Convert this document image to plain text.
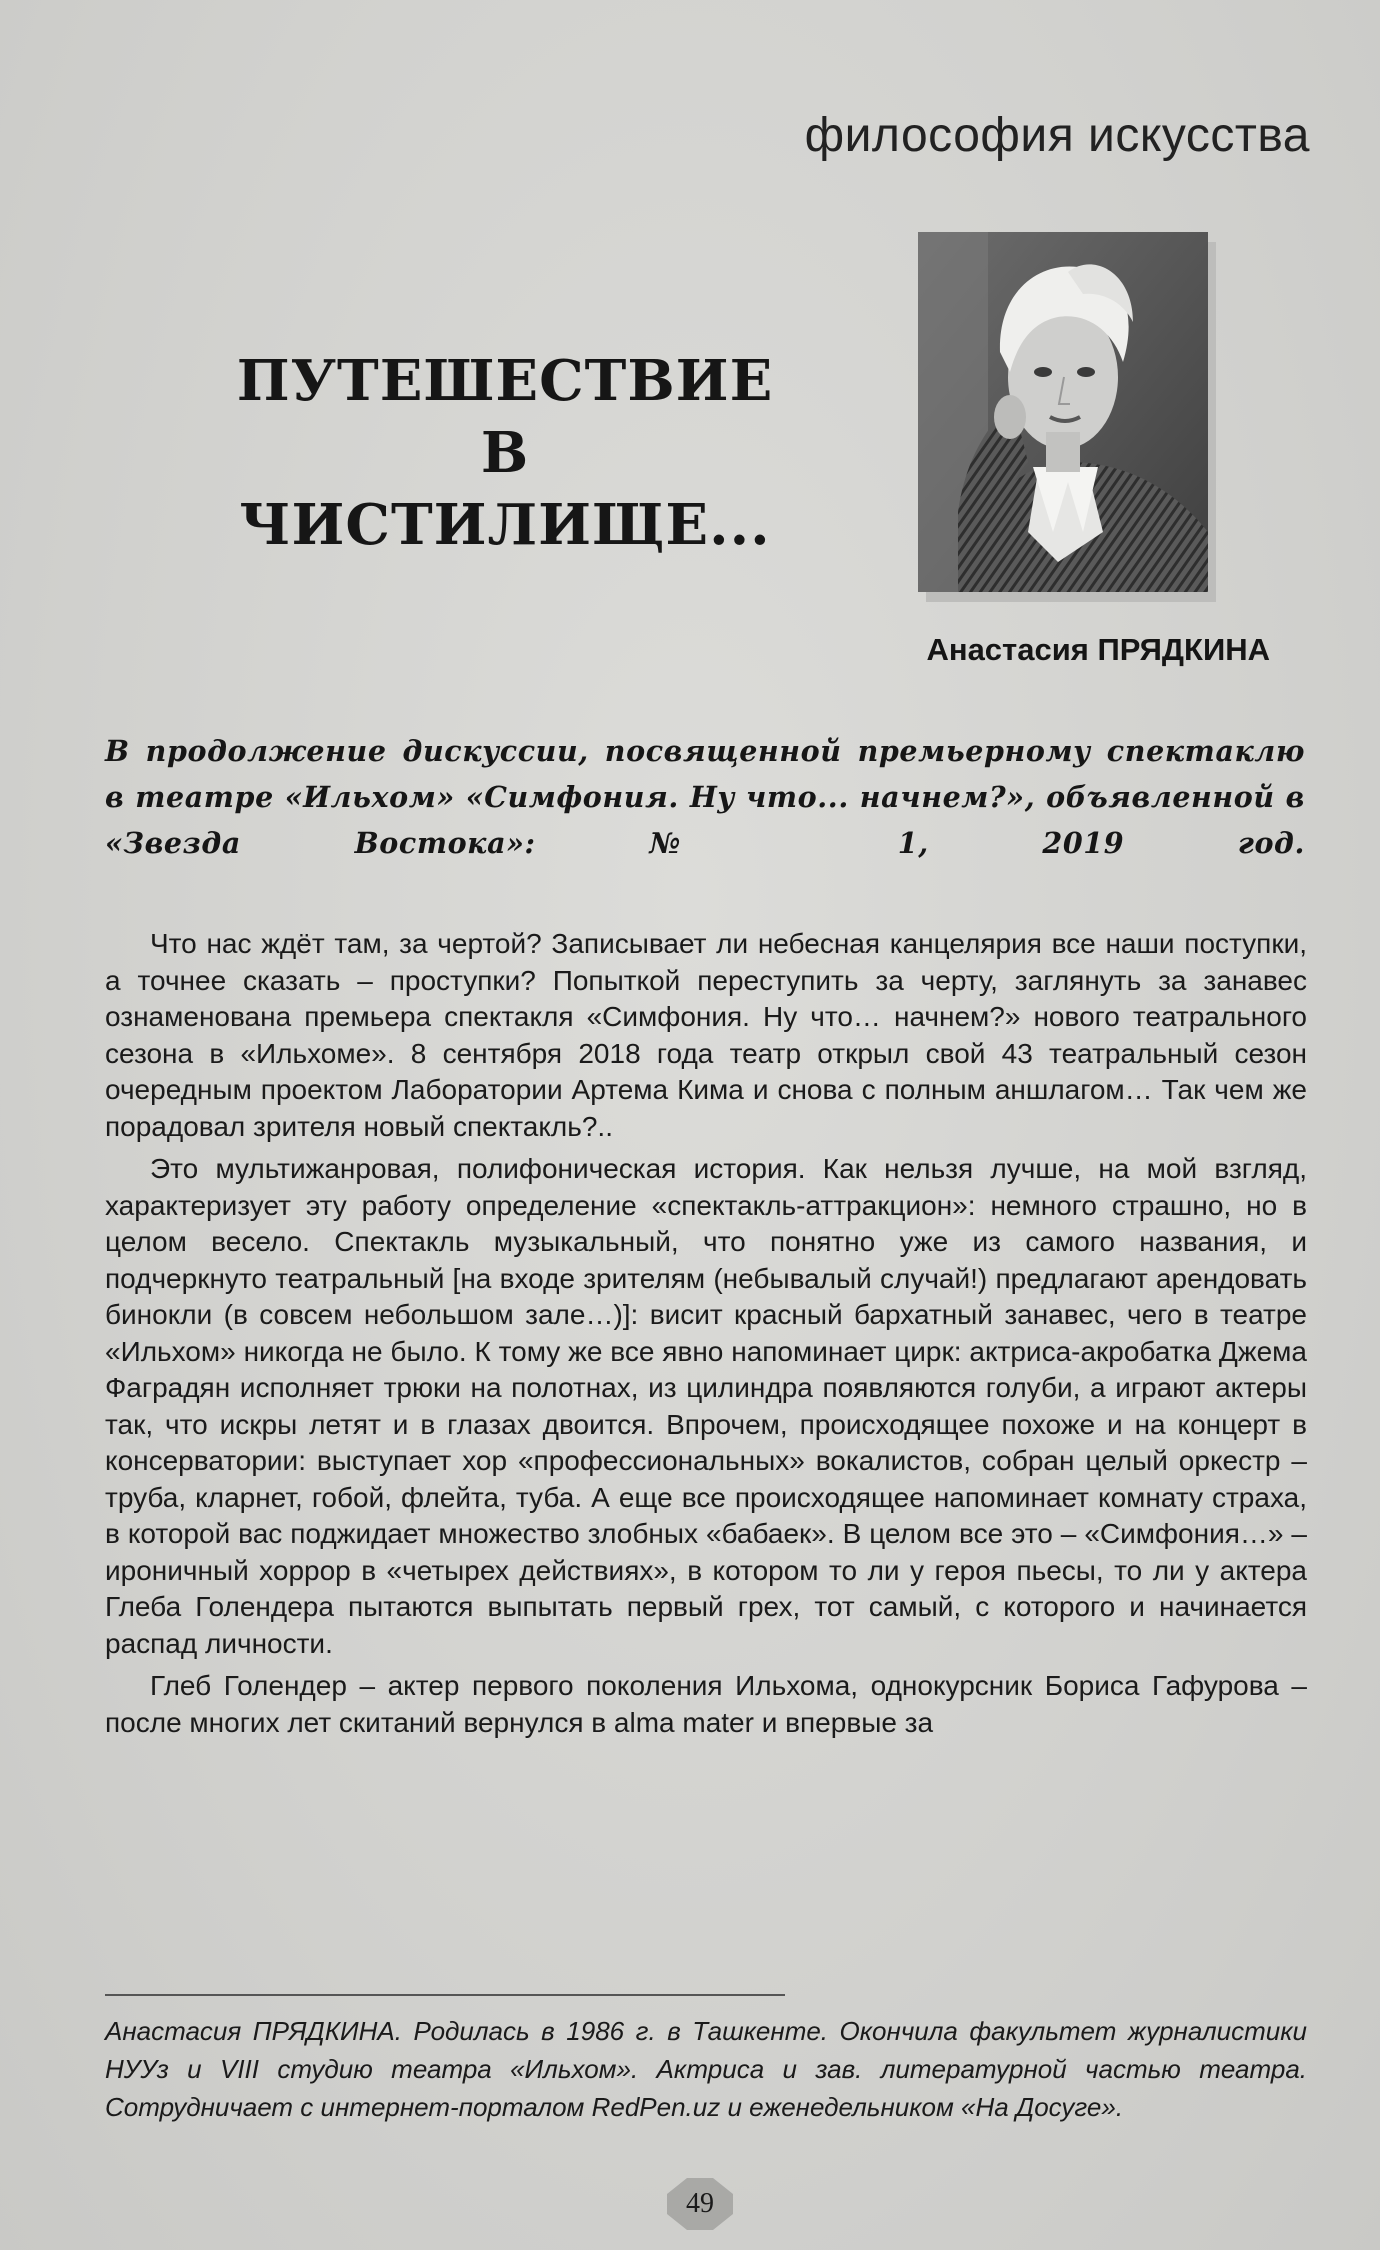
философия искусства
ПУТЕШЕСТВИЕ
В ЧИСТИЛИЩЕ...
Анастасия ПРЯДКИНА
В продолжение дискуссии, посвященной премьерному спектаклю в театре «Ильхом» «Симфония. Ну что... начнем?», объявленной в «Звезда Востока»: № 1, 2019 год.

Что нас ждёт там, за чертой? Записывает ли небесная канцелярия все наши поступки, а точнее сказать – проступки? Попыткой переступить за черту, заглянуть за занавес ознаменована премьера спектакля «Симфония. Ну что… начнем?» нового театрального сезона в «Ильхоме». 8 сентября 2018 года театр открыл свой 43 театральный сезон очередным проектом Лаборатории Артема Кима и снова с полным аншлагом… Так чем же порадовал зрителя новый спектакль?..

Это мультижанровая, полифоническая история. Как нельзя лучше, на мой взгляд, характеризует эту работу определение «спектакль-аттракцион»: немного страшно, но в целом весело. Спектакль музыкальный, что понятно уже из самого названия, и подчеркнуто театральный [на входе зрителям (небывалый случай!) предлагают арендовать бинокли (в совсем небольшом зале…)]: висит красный бархатный занавес, чего в театре «Ильхом» никогда не было. К тому же все явно напоминает цирк: актриса-акробатка Джема Фаградян исполняет трюки на полотнах, из цилиндра появляются голуби, а играют актеры так, что искры летят и в глазах двоится. Впрочем, происходящее похоже и на концерт в консерватории: выступает хор «профессиональных» вокалистов, собран целый оркестр – труба, кларнет, гобой, флейта, туба. А еще все происходящее напоминает комнату страха, в которой вас поджидает множество злобных «бабаек». В целом все это – «Симфония…» – ироничный хоррор в «четырех действиях», в котором то ли у героя пьесы, то ли у актера Глеба Голендера пытаются выпытать первый грех, тот самый, с которого и начинается распад личности.

Глеб Голендер – актер первого поколения Ильхома, однокурсник Бориса Гафурова – после многих лет скитаний вернулся в alma mater и впервые за

Анастасия ПРЯДКИНА. Родилась в 1986 г. в Ташкенте. Окончила факультет журналистики НУУз и VIII студию театра «Ильхом». Актриса и зав. литературной частью театра. Сотрудничает с интернет-порталом RedPen.uz и еженедельником «На Досуге».
49
